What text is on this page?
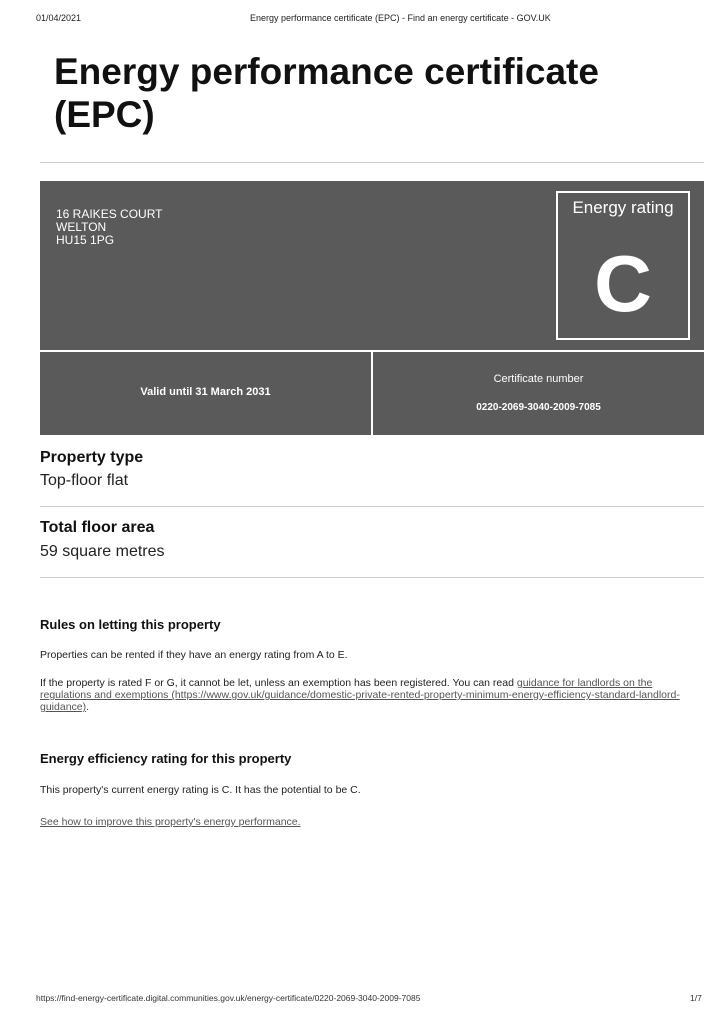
01/04/2021	Energy performance certificate (EPC) - Find an energy certificate - GOV.UK
Energy performance certificate
(EPC)
16 RAIKES COURT
WELTON
HU15 1PG
Energy rating
C
Valid until 31 March 2031
Certificate number
0220-2069-3040-2009-7085
Property type
Top-floor flat
Total floor area
59 square metres
Rules on letting this property
Properties can be rented if they have an energy rating from A to E.
If the property is rated F or G, it cannot be let, unless an exemption has been registered. You can read guidance for landlords on the regulations and exemptions (https://www.gov.uk/guidance/domestic-private-rented-property-minimum-energy-efficiency-standard-landlord-guidance).
Energy efficiency rating for this property
This property's current energy rating is C. It has the potential to be C.
See how to improve this property's energy performance.
https://find-energy-certificate.digital.communities.gov.uk/energy-certificate/0220-2069-3040-2009-7085	1/7
